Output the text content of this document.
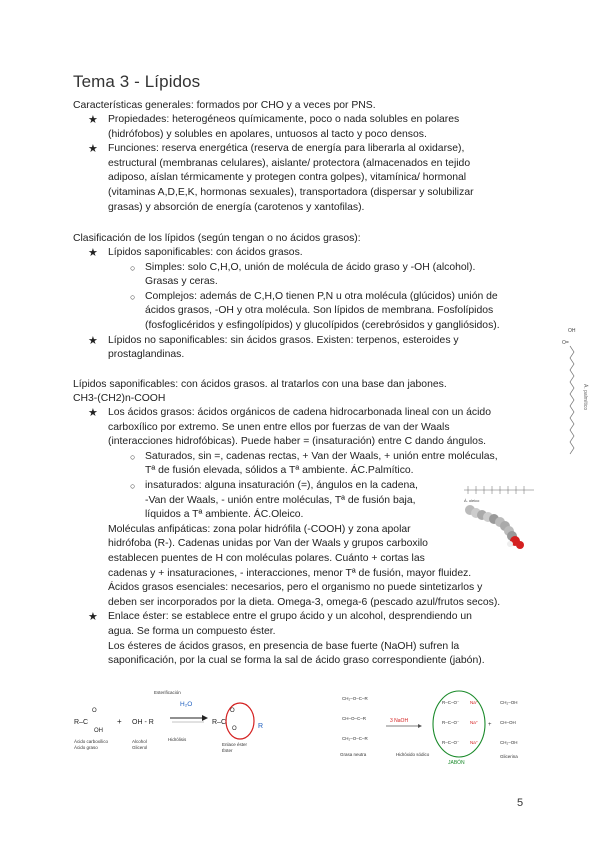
Tema 3 - Lípidos
Características generales: formados por CHO y a veces por PNS.
★ Propiedades: heterogéneos químicamente, poco o nada solubles en polares
(hidrófobos) y solubles en apolares, untuosos al tacto y poco densos.
★ Funciones: reserva energética (reserva de energía para liberarla al oxidarse),
estructural (membranas celulares), aislante/ protectora (almacenados en tejido
adiposo, aíslan térmicamente y protegen contra golpes), vitamínica/ hormonal
(vitaminas A,D,E,K, hormonas sexuales), transportadora (dispersar y solubilizar
grasas) y absorción de energía (carotenos y xantofilas).
Clasificación de los lípidos (según tengan o no ácidos grasos):
★ Lípidos saponificables: con ácidos grasos.
○ Simples: solo C,H,O, unión de molécula de ácido graso y -OH (alcohol).
Grasas y ceras.
○ Complejos: además de C,H,O tienen P,N u otra molécula (glúcidos) unión de
ácidos grasos, -OH y otra molécula. Son lípidos de membrana. Fosfolípidos
(fosfoglicéridos y esfingolípidos) y glucolípidos (cerebrósidos y gangliósidos).
★ Lípidos no saponificables: sin ácidos grasos. Existen: terpenos, esteroides y
prostaglandinas.
Lípidos saponificables: con ácidos grasos. al tratarlos con una base dan jabones.
CH3-(CH2)n-COOH
★ Los ácidos grasos: ácidos orgánicos de cadena hidrocarbonada lineal con un ácido
carboxílico por extremo. Se unen entre ellos por fuerzas de van der Waals
(interacciones hidrofóbicas). Puede haber = (insaturación) entre C dando ángulos.
○ Saturados, sin =, cadenas rectas, + Van der Waals, + unión entre moléculas,
Tª de fusión elevada, sólidos a Tª ambiente. ÁC.Palmítico.
○ insaturados: alguna insaturación (=), ángulos en la cadena,
-Van der Waals, - unión entre moléculas, Tª de fusión baja,
líquidos a Tª ambiente. ÁC.Oleico.
Moléculas anfipáticas: zona polar hidrófila (-COOH) y zona apolar
hidrófoba (R-). Cadenas unidas por Van der Waals y grupos carboxilo
establecen puentes de H con moléculas polares. Cuánto + cortas las
cadenas y + insaturaciones, - interacciones, menor Tª de fusión, mayor fluidez.
Ácidos grasos esenciales: necesarios, pero el organismo no puede sintetizarlos y
deben ser incorporados por la dieta. Omega-3, omega-6 (pescado azul/frutos secos).
★ Enlace éster: se establece entre el grupo ácido y un alcohol, desprendiendo un
agua. Se forma un compuesto éster.
Los ésteres de ácidos grasos, en presencia de base fuerte (NaOH) sufren la
saponificación, por la cual se forma la sal de ácido graso correspondiente (jabón).
OH
O=
Á. palmítico
Á. oleico
R–C
O
OH
Ácido carboxílico
Ácido graso
+ OH - R
Alcohol
Glicerol
Esterificación
H₂O
Hidrólisis
R–C
O
O	R
Enlace éster
Éster
CH₂–O–C–R
CH–O–C–R
CH₂–O–C–R
Grasa neutra
3 NaOH
Hidróxido sódico
R–C–O⁻
R–C–O⁻
R–C–O⁻
Na⁺
Na⁺
Na⁺
JABÓN
+
CH₂–OH
CH–OH
CH₂–OH
Glicerina
5
